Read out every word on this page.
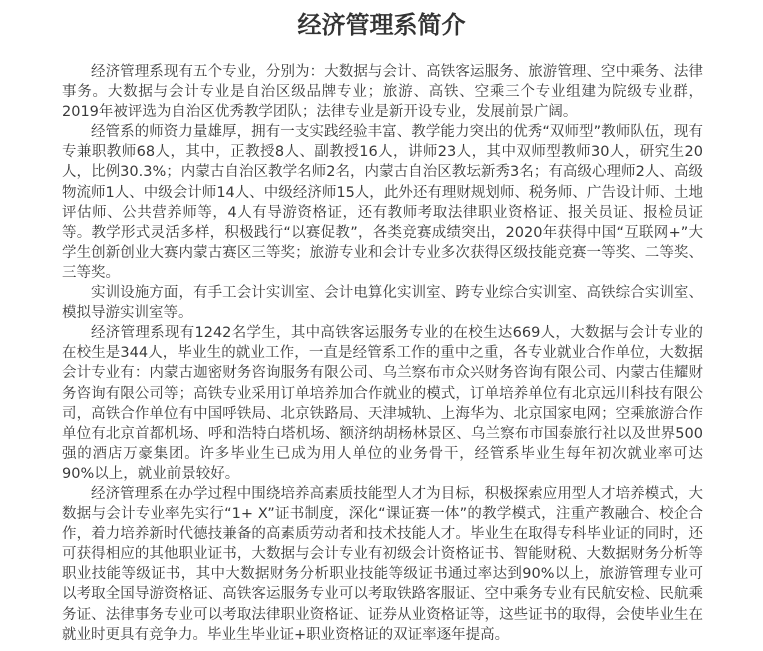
经济管理系简介

经济管理系现有五个专业，分别为：大数据与会计、高铁客运服务、旅游管理、空中乘务、法律事务。大数据与会计专业是自治区级品牌专业；旅游、高铁、空乘三个专业组建为院级专业群，2019年被评选为自治区优秀教学团队；法律专业是新开设专业，发展前景广阔。

经管系的师资力量雄厚，拥有一支实践经验丰富、教学能力突出的优秀“双师型”教师队伍，现有专兼职教师68人，其中，正教授8人、副教授16人，讲师23人，其中双师型教师30人，研究生20人，比例30.3%；内蒙古自治区教学名师2名，内蒙古自治区教坛新秀3名；有高级心理师2人、高级物流师1人、中级会计师14人、中级经济师15人，此外还有理财规划师、税务师、广告设计师、土地评估师、公共营养师等，4人有导游资格证，还有教师考取法律职业资格证、报关员证、报检员证等。教学形式灵活多样，积极践行“以赛促教”，各类竞赛成绩突出，2020年获得中国“互联网+”大学生创新创业大赛内蒙古赛区三等奖；旅游专业和会计专业多次获得区级技能竞赛一等奖、二等奖、三等奖。

实训设施方面，有手工会计实训室、会计电算化实训室、跨专业综合实训室、高铁综合实训室、模拟导游实训室等。

经济管理系现有1242名学生，其中高铁客运服务专业的在校生达669人，大数据与会计专业的在校生是344人，毕业生的就业工作，一直是经管系工作的重中之重，各专业就业合作单位，大数据会计专业有：内蒙古迦密财务咨询服务有限公司、乌兰察布市众兴财务咨询有限公司、内蒙古佳耀财务咨询有限公司等；高铁专业采用订单培养加合作就业的模式，订单培养单位有北京远川科技有限公司，高铁合作单位有中国呼铁局、北京铁路局、天津城轨、上海华为、北京国家电网；空乘旅游合作单位有北京首都机场、呼和浩特白塔机场、额济纳胡杨林景区、乌兰察布市国泰旅行社以及世界500强的酒店万豪集团。许多毕业生已成为用人单位的业务骨干，经管系毕业生每年初次就业率可达90%以上，就业前景较好。

经济管理系在办学过程中围绕培养高素质技能型人才为目标，积极探索应用型人才培养模式，大数据与会计专业率先实行“1+ X”证书制度，深化“课证赛一体”的教学模式，注重产教融合、校企合作，着力培养新时代德技兼备的高素质劳动者和技术技能人才。毕业生在取得专科毕业证的同时，还可获得相应的其他职业证书，大数据与会计专业有初级会计资格证书、智能财税、大数据财务分析等职业技能等级证书，其中大数据财务分析职业技能等级证书通过率达到90%以上，旅游管理专业可以考取全国导游资格证、高铁客运服务专业可以考取铁路客服证、空中乘务专业有民航安检、民航乘务证、法律事务专业可以考取法律职业资格证、证券从业资格证等，这些证书的取得，会使毕业生在就业时更具有竞争力。毕业生毕业证+职业资格证的双证率逐年提高。
